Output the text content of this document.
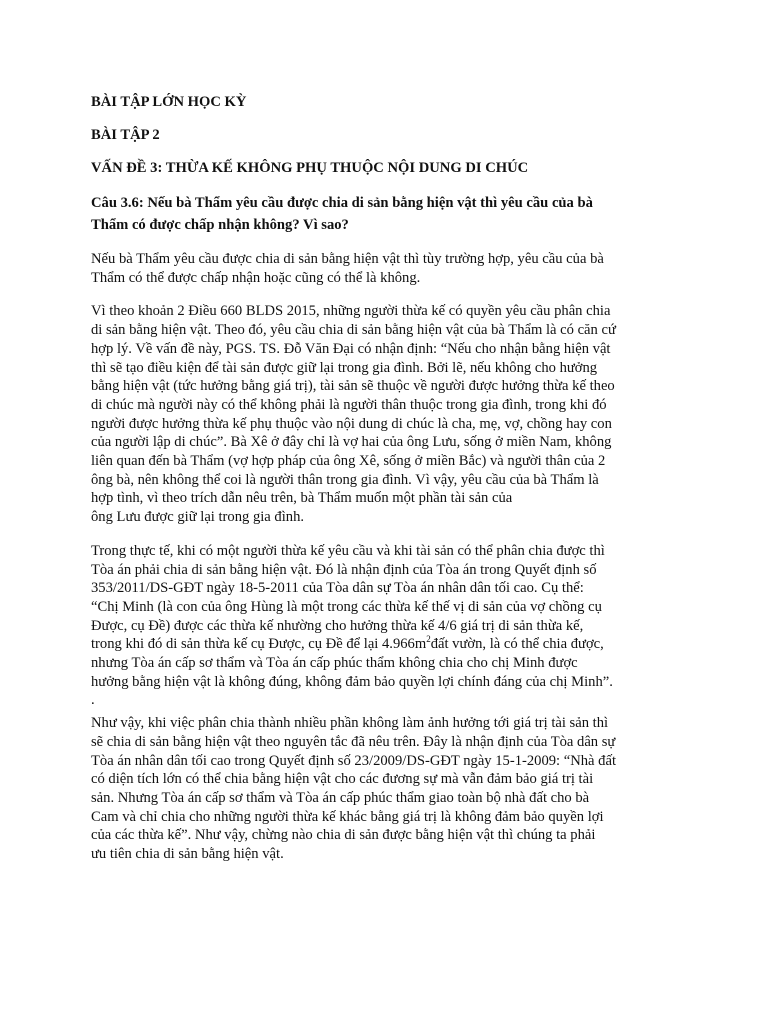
BÀI TẬP LỚN HỌC KỲ
BÀI TẬP 2
VẤN ĐỀ 3: THỪA KẾ KHÔNG PHỤ THUỘC NỘI DUNG DI CHÚC
Câu 3.6: Nếu bà Thẩm yêu cầu được chia di sản bằng hiện vật thì yêu cầu của bà
Thẩm có được chấp nhận không? Vì sao?

Nếu bà Thẩm yêu cầu được chia di sản bằng hiện vật thì tùy trường hợp, yêu cầu của bà
Thẩm có thể được chấp nhận hoặc cũng có thể là không.

Vì theo khoản 2 Điều 660 BLDS 2015, những người thừa kế có quyền yêu cầu phân chia
di sản bằng hiện vật. Theo đó, yêu cầu chia di sản bằng hiện vật của bà Thẩm là có căn cứ
hợp lý. Về vấn đề này, PGS. TS. Đỗ Văn Đại có nhận định: “Nếu cho nhận bằng hiện vật
thì sẽ tạo điều kiện để tài sản được giữ lại trong gia đình. Bởi lẽ, nếu không cho hưởng
bằng hiện vật (tức hưởng bằng giá trị), tài sản sẽ thuộc về người được hưởng thừa kế theo
di chúc mà người này có thể không phải là người thân thuộc trong gia đình, trong khi đó
người được hưởng thừa kế phụ thuộc vào nội dung di chúc là cha, mẹ, vợ, chồng hay con
của người lập di chúc”. Bà Xê ở đây chỉ là vợ hai của ông Lưu, sống ở miền Nam, không
liên quan đến bà Thẩm (vợ hợp pháp của ông Xê, sống ở miền Bắc) và người thân của 2
ông bà, nên không thể coi là người thân trong gia đình. Vì vậy, yêu cầu của bà Thẩm là
hợp tình, vì theo trích dẫn nêu trên, bà Thẩm muốn một phần tài sản của
ông Lưu được giữ lại trong gia đình.

Trong thực tế, khi có một người thừa kế yêu cầu và khi tài sản có thể phân chia được thì
Tòa án phải chia di sản bằng hiện vật. Đó là nhận định của Tòa án trong Quyết định số
353/2011/DS-GĐT ngày 18-5-2011 của Tòa dân sự Tòa án nhân dân tối cao. Cụ thể:
“Chị Minh (là con của ông Hùng là một trong các thừa kế thế vị di sản của vợ chồng cụ
Được, cụ Đề) được các thừa kế nhường cho hưởng thừa kế 4/6 giá trị di sản thừa kế,
trong khi đó di sản thừa kế cụ Được, cụ Đề để lại $4.966m^2đất$ vườn, là có thể chia được,
nhưng Tòa án cấp sơ thẩm và Tòa án cấp phúc thẩm không chia cho chị Minh được
hưởng bằng hiện vật là không đúng, không đảm bảo quyền lợi chính đáng của chị Minh”.
.

Như vậy, khi việc phân chia thành nhiều phần không làm ảnh hưởng tới giá trị tài sản thì
sẽ chia di sản bằng hiện vật theo nguyên tắc đã nêu trên. Đây là nhận định của Tòa dân sự
Tòa án nhân dân tối cao trong Quyết định số 23/2009/DS-GĐT ngày 15-1-2009: “Nhà đất
có diện tích lớn có thể chia bằng hiện vật cho các đương sự mà vẫn đảm bảo giá trị tài
sản. Nhưng Tòa án cấp sơ thẩm và Tòa án cấp phúc thẩm giao toàn bộ nhà đất cho bà
Cam và chỉ chia cho những người thừa kế khác bằng giá trị là không đảm bảo quyền lợi
của các thừa kế”. Như vậy, chừng nào chia di sản được bằng hiện vật thì chúng ta phải
ưu tiên chia di sản bằng hiện vật.
